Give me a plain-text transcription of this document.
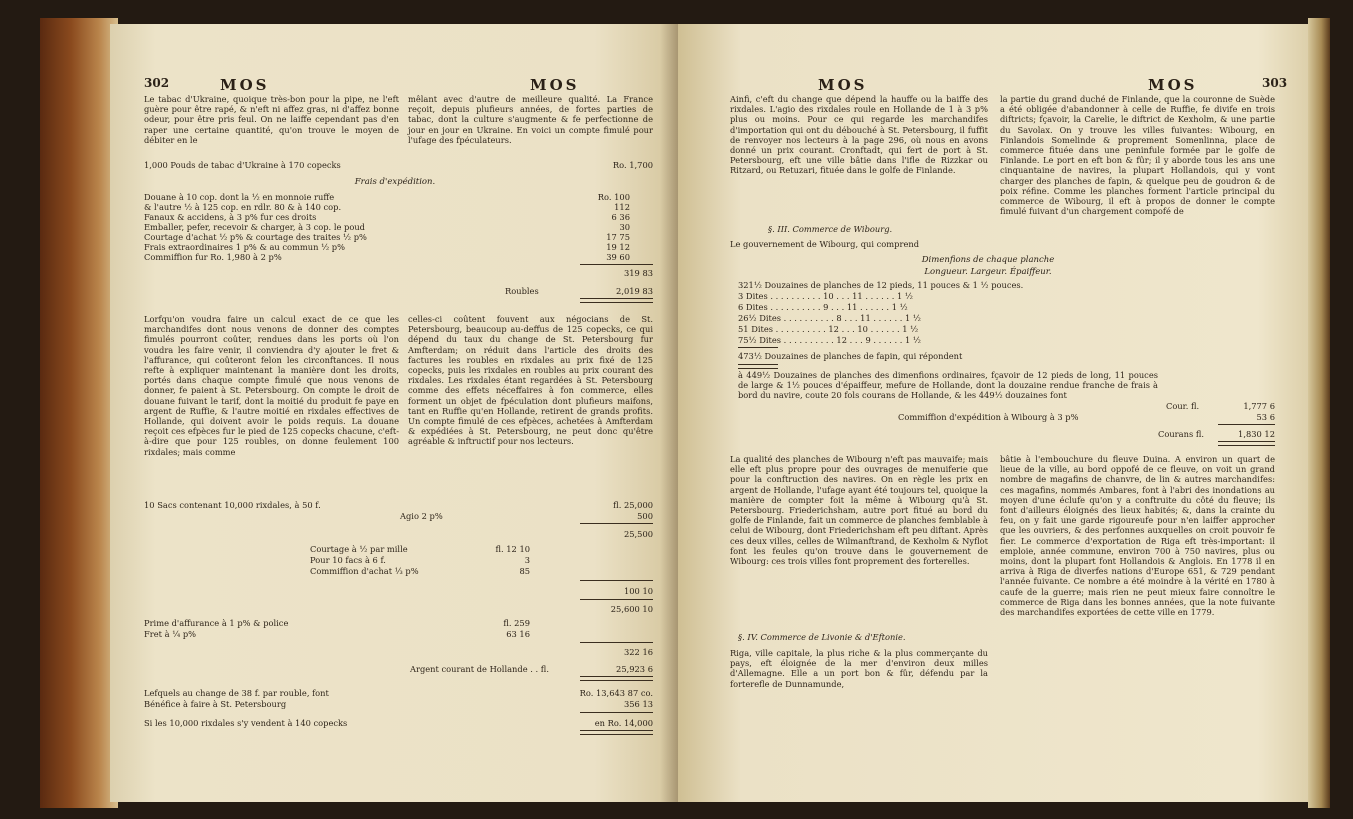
302	MOS	MOS
Le tabac d'Ukraine, quoique très-bon pour la pipe, ne l'eft guère pour être rapé, & n'eft ni affez gras, ni d'affez bonne odeur, pour être pris feul. On ne laiffe cependant pas d'en raper une certaine quantité, qu'on trouve le moyen de débiter en le
mêlant avec d'autre de meilleure qualité. La France reçoit, depuis plufieurs années, de fortes parties de tabac, dont la culture s'augmente & fe perfectionne de jour en jour en Ukraine. En voici un compte fimulé pour l'ufage des fpéculateurs.
1,000 Pouds de tabac d'Ukraine à 170 copecks	Ro. 1,700
Frais d'expédition.
Douane à 10 cop. dont la ½ en monnoie ruffe	Ro. 100
& l'autre ½ à 125 cop. en rdlr. 80 & à 140 cop.	112
Fanaux & accidens, à 3 p% fur ces droits	6 36
Emballer, pefer, recevoir & charger, à 3 cop. le poud	30
Courtage d'achat ½ p% & courtage des traites ½ p%	17 75
Frais extraordinaires 1 p% & au commun ½ p%	19 12
Commiffion fur Ro. 1,980 à 2 p%	39 60
319 83
Roubles	2,019 83
Lorfqu'on voudra faire un calcul exact de ce que les marchandifes dont nous venons de donner des comptes fimulés pourront coûter, rendues dans les ports où l'on voudra les faire venir, il conviendra d'y ajouter le fret & l'affurance, qui coûteront felon les circonftances. Il nous refte à expliquer maintenant la manière dont les droits, portés dans chaque compte fimulé que nous venons de donner, fe paient à St. Petersbourg. On compte le droit de douane fuivant le tarif, dont la moitié du produit fe paye en argent de Ruffie, & l'autre moitié en rixdales effectives de Hollande, qui doivent avoir le poids requis. La douane reçoit ces efpèces fur le pied de 125 copecks chacune, c'eft-à-dire que pour 125 roubles, on donne feulement 100 rixdales; mais comme
celles-ci coûtent fouvent aux négocians de St. Petersbourg, beaucoup au-deffus de 125 copecks, ce qui dépend du taux du change de St. Petersbourg fur Amfterdam; on réduit dans l'article des droits des factures les roubles en rixdales au prix fixé de 125 copecks, puis les rixdales en roubles au prix courant des rixdales. Les rixdales étant regardées à St. Petersbourg comme des effets néceffaires à fon commerce, elles forment un objet de fpéculation dont plufieurs maifons, tant en Ruffie qu'en Hollande, retirent de grands profits. Un compte fimulé de ces efpèces, achetées à Amfterdam & expédiées à St. Petersbourg, ne peut donc qu'être agréable & inftructif pour nos lecteurs.
10 Sacs contenant 10,000 rixdales, à 50 f.	fl. 25,000
Agio 2 p%	500
25,500
Courtage à ½ par mille	fl. 12 10
Pour 10 facs à 6 f.	3
Commiffion d'achat ⅓ p%	85
100 10
25,600 10
Prime d'affurance à 1 p% & police	fl. 259
Fret à ¼ p%	63 16
322 16
Argent courant de Hollande . . fl.	25,923 6
Lefquels au change de 38 f. par rouble, font	Ro. 13,643 87 co.
Bénéfice à faire à St. Petersbourg	356 13
Si les 10,000 rixdales s'y vendent à 140 copecks	en Ro. 14,000
MOS	MOS	303
Ainfi, c'eft du change que dépend la hauffe ou la baiffe des rixdales. L'agio des rixdales roule en Hollande de 1 à 3 p% plus ou moins. Pour ce qui regarde les marchandifes d'importation qui ont du débouché à St. Petersbourg, il fuffit de renvoyer nos lecteurs à la page 296, où nous en avons donné un prix courant. Cronftadt, qui fert de port à St. Petersbourg, eft une ville bâtie dans l'ifle de Rizzkar ou Ritzard, ou Retuzari, fituée dans le golfe de Finlande.
§. III. Commerce de Wibourg.
Le gouvernement de Wibourg, qui comprend
la partie du grand duché de Finlande, que la couronne de Suède a été obligée d'abandonner à celle de Ruffie, fe divife en trois diftricts; fçavoir, la Carelie, le diftrict de Kexholm, & une partie du Savolax. On y trouve les villes fuivantes: Wibourg, en Finlandois Somelinde & proprement Somenlinna, place de commerce fituée dans une peninfule formée par le golfe de Finlande. Le port en eft bon & fûr; il y aborde tous les ans une cinquantaine de navires, la plupart Hollandois, qui y vont charger des planches de fapin, & quelque peu de goudron & de poix réfine. Comme les planches forment l'article principal du commerce de Wibourg, il eft à propos de donner le compte fimulé fuivant d'un chargement compofé de
Dimenfions de chaque planche
Longueur. Largeur. Épaiffeur.
321½ Douzaines de planches de 12 pieds, 11 pouces & 1 ½ pouces.
3 Dites . . . . . . . . . . 10 . . . 11 . . . . . . 1 ½
6 Dites . . . . . . . . . . 9 . . . 11 . . . . . . 1 ½
26½ Dites . . . . . . . . . . 8 . . . 11 . . . . . . 1 ½
51 Dites . . . . . . . . . . 12 . . . 10 . . . . . . 1 ½
75½ Dites . . . . . . . . . . 12 . . . 9 . . . . . . 1 ½
473½ Douzaines de planches de fapin, qui répondent
à 449½ Douzaines de planches des dimenfions ordinaires, fçavoir de 12 pieds de long, 11 pouces de large & 1½ pouces d'épaiffeur, mefure de Hollande, dont la douzaine rendue franche de frais à bord du navire, coute 20 fols courans de Hollande, & les 449½ douzaines font
Cour. fl.	1,777 6
Commiffion d'expédition à Wibourg à 3 p%	53 6
Courans fl.	1,830 12
La qualité des planches de Wibourg n'eft pas mauvaife; mais elle eft plus propre pour des ouvrages de menuiferie que pour la conftruction des navires. On en règle les prix en argent de Hollande, l'ufage ayant été toujours tel, quoique la manière de compter foit la même à Wibourg qu'à St. Petersbourg. Friederichsham, autre port fitué au bord du golfe de Finlande, fait un commerce de planches femblable à celui de Wibourg, dont Friederichsham eft peu diftant. Après ces deux villes, celles de Wilmanftrand, de Kexholm & Nyflot font les feules qu'on trouve dans le gouvernement de Wibourg: ces trois villes font proprement des forterelles.
§. IV. Commerce de Livonie & d'Eftonie.
Riga, ville capitale, la plus riche & la plus commerçante du pays, eft éloignée de la mer d'environ deux milles d'Allemagne. Elle a un port bon & fûr, défendu par la forterefle de Dunnamunde,
bâtie à l'embouchure du fleuve Duina. A environ un quart de lieue de la ville, au bord oppofé de ce fleuve, on voit un grand nombre de magafins de chanvre, de lin & autres marchandifes: ces magafins, nommés Ambares, font à l'abri des inondations au moyen d'une éclufe qu'on y a conftruite du côté du fleuve; ils font d'ailleurs éloignés des lieux habités; &, dans la crainte du feu, on y fait une garde rigoureufe pour n'en laiffer approcher que les ouvriers, & des perfonnes auxquelles on croit pouvoir fe fier. Le commerce d'exportation de Riga eft très-important: il emploie, année commune, environ 700 à 750 navires, plus ou moins, dont la plupart font Hollandois & Anglois. En 1778 il en arriva à Riga de diverfes nations d'Europe 651, & 729 pendant l'année fuivante. Ce nombre a été moindre à la vérité en 1780 à caufe de la guerre; mais rien ne peut mieux faire connoître le commerce de Riga dans les bonnes années, que la note fuivante des marchandifes exportées de cette ville en 1779.
